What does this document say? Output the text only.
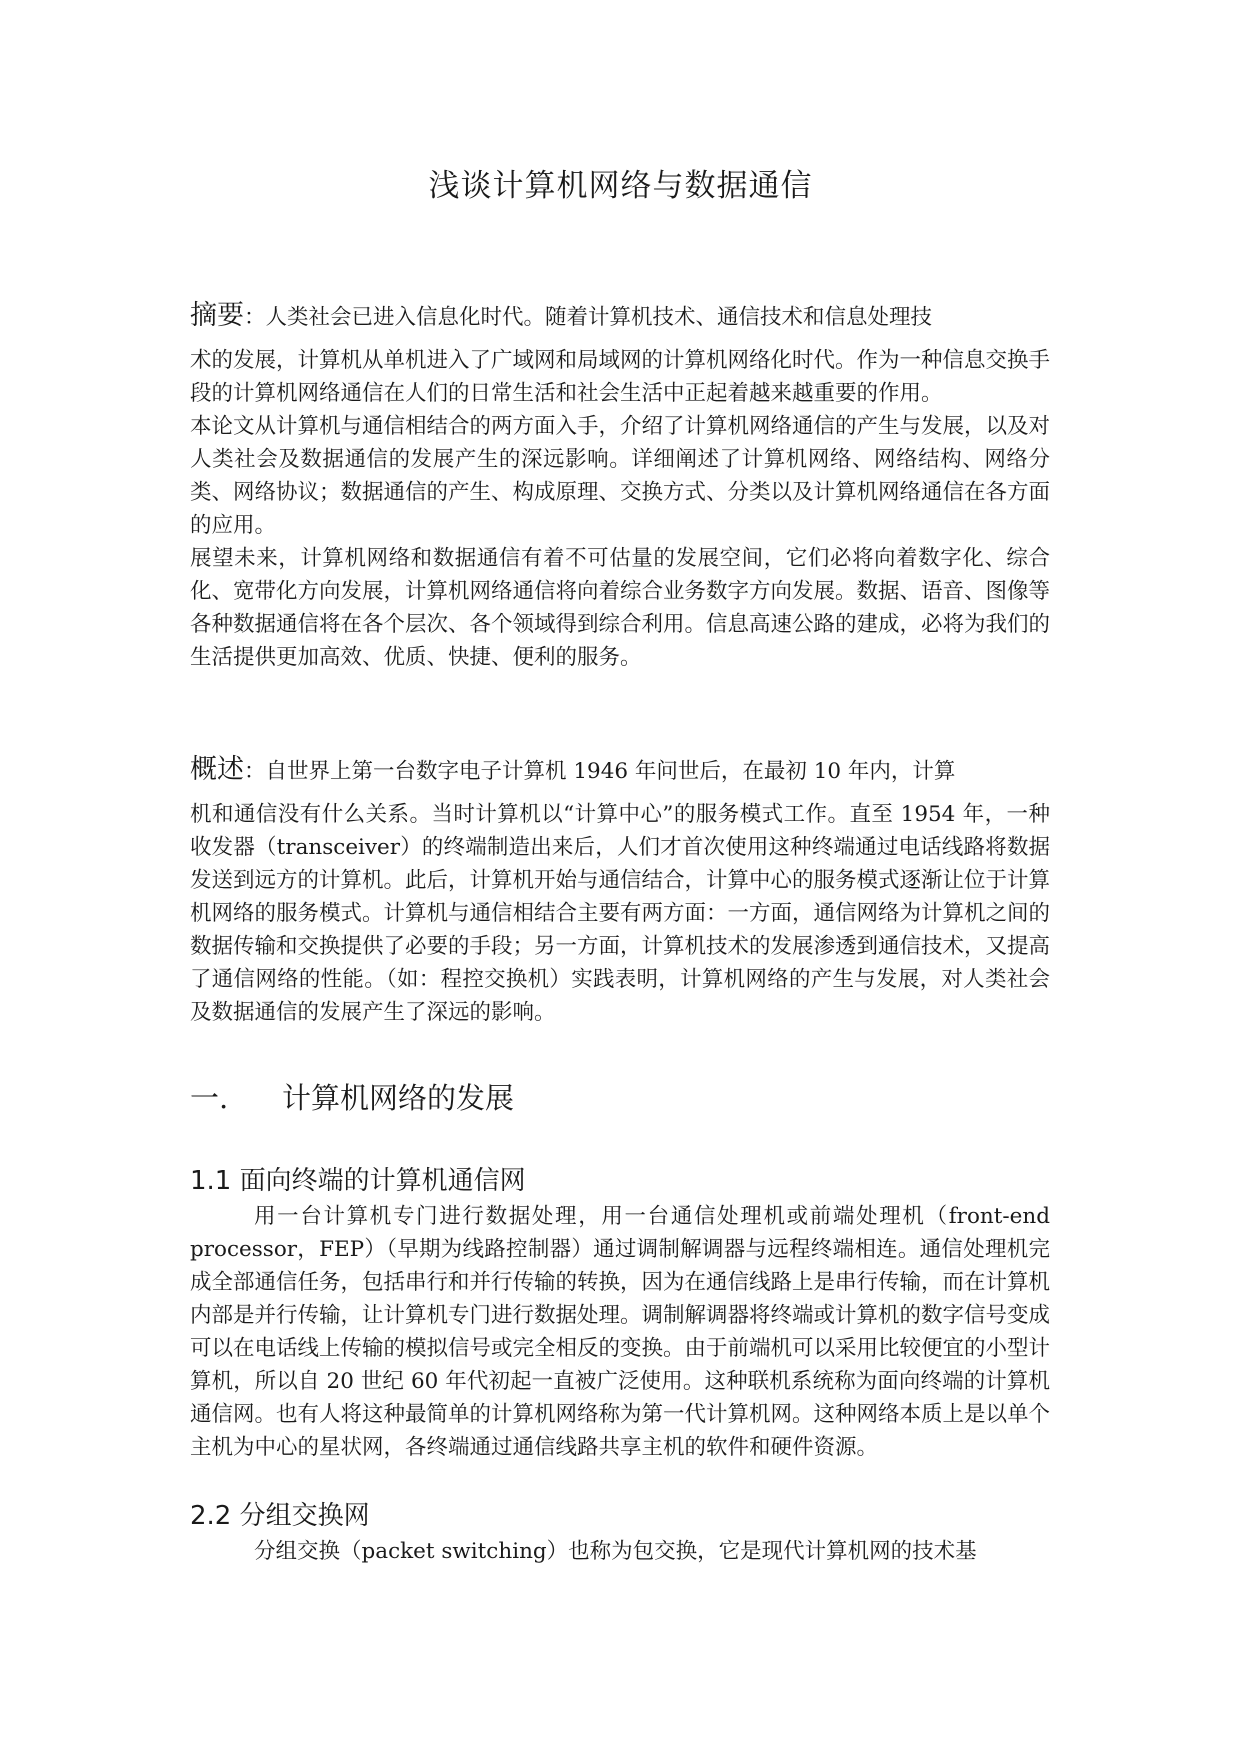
浅谈计算机网络与数据通信

摘要：人类社会已进入信息化时代。随着计算机技术、通信技术和信息处理技

术的发展，计算机从单机进入了广域网和局域网的计算机网络化时代。作为一种信息交换手段的计算机网络通信在人们的日常生活和社会生活中正起着越来越重要的作用。

本论文从计算机与通信相结合的两方面入手，介绍了计算机网络通信的产生与发展，以及对人类社会及数据通信的发展产生的深远影响。详细阐述了计算机网络、网络结构、网络分类、网络协议；数据通信的产生、构成原理、交换方式、分类以及计算机网络通信在各方面的应用。

展望未来，计算机网络和数据通信有着不可估量的发展空间，它们必将向着数字化、综合化、宽带化方向发展，计算机网络通信将向着综合业务数字方向发展。数据、语音、图像等各种数据通信将在各个层次、各个领域得到综合利用。信息高速公路的建成，必将为我们的生活提供更加高效、优质、快捷、便利的服务。

概述：自世界上第一台数字电子计算机 1946 年问世后，在最初 10 年内，计算

机和通信没有什么关系。当时计算机以“计算中心”的服务模式工作。直至 1954 年，一种收发器（transceiver）的终端制造出来后，人们才首次使用这种终端通过电话线路将数据发送到远方的计算机。此后，计算机开始与通信结合，计算中心的服务模式逐渐让位于计算机网络的服务模式。计算机与通信相结合主要有两方面：一方面，通信网络为计算机之间的数据传输和交换提供了必要的手段；另一方面，计算机技术的发展渗透到通信技术，又提高了通信网络的性能。（如：程控交换机）实践表明，计算机网络的产生与发展，对人类社会及数据通信的发展产生了深远的影响。

一. 计算机网络的发展
1.1 面向终端的计算机通信网

用一台计算机专门进行数据处理，用一台通信处理机或前端处理机（front-end processor，FEP）（早期为线路控制器）通过调制解调器与远程终端相连。通信处理机完成全部通信任务，包括串行和并行传输的转换，因为在通信线路上是串行传输，而在计算机内部是并行传输，让计算机专门进行数据处理。调制解调器将终端或计算机的数字信号变成可以在电话线上传输的模拟信号或完全相反的变换。由于前端机可以采用比较便宜的小型计算机，所以自 20 世纪 60 年代初起一直被广泛使用。这种联机系统称为面向终端的计算机通信网。也有人将这种最简单的计算机网络称为第一代计算机网。这种网络本质上是以单个主机为中心的星状网，各终端通过通信线路共享主机的软件和硬件资源。

2.2 分组交换网

分组交换（packet switching）也称为包交换，它是现代计算机网的技术基
